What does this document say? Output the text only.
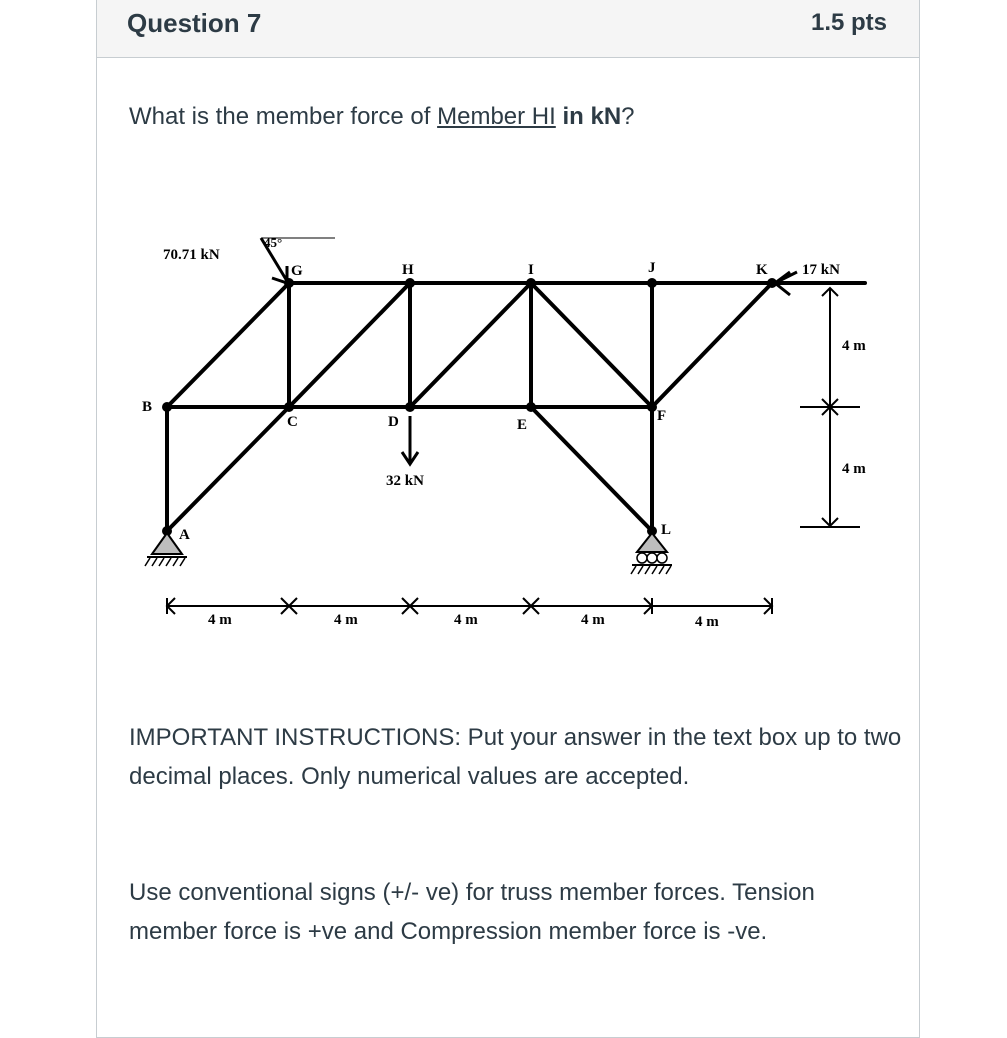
Question 7	1.5 pts
What is the member force of Member HI in kN?
IMPORTANT INSTRUCTIONS: Put your answer in the text box up to two decimal places. Only numerical values are accepted.
Use conventional signs (+/- ve) for truss member forces. Tension member force is +ve and Compression member force is -ve.
B
A
G
C
H
D
I
E
J
F
K
L
70.71 kN
45°
32 kN
17 kN
4 m
4 m
4 m	4 m	4 m	4 m	4 m
